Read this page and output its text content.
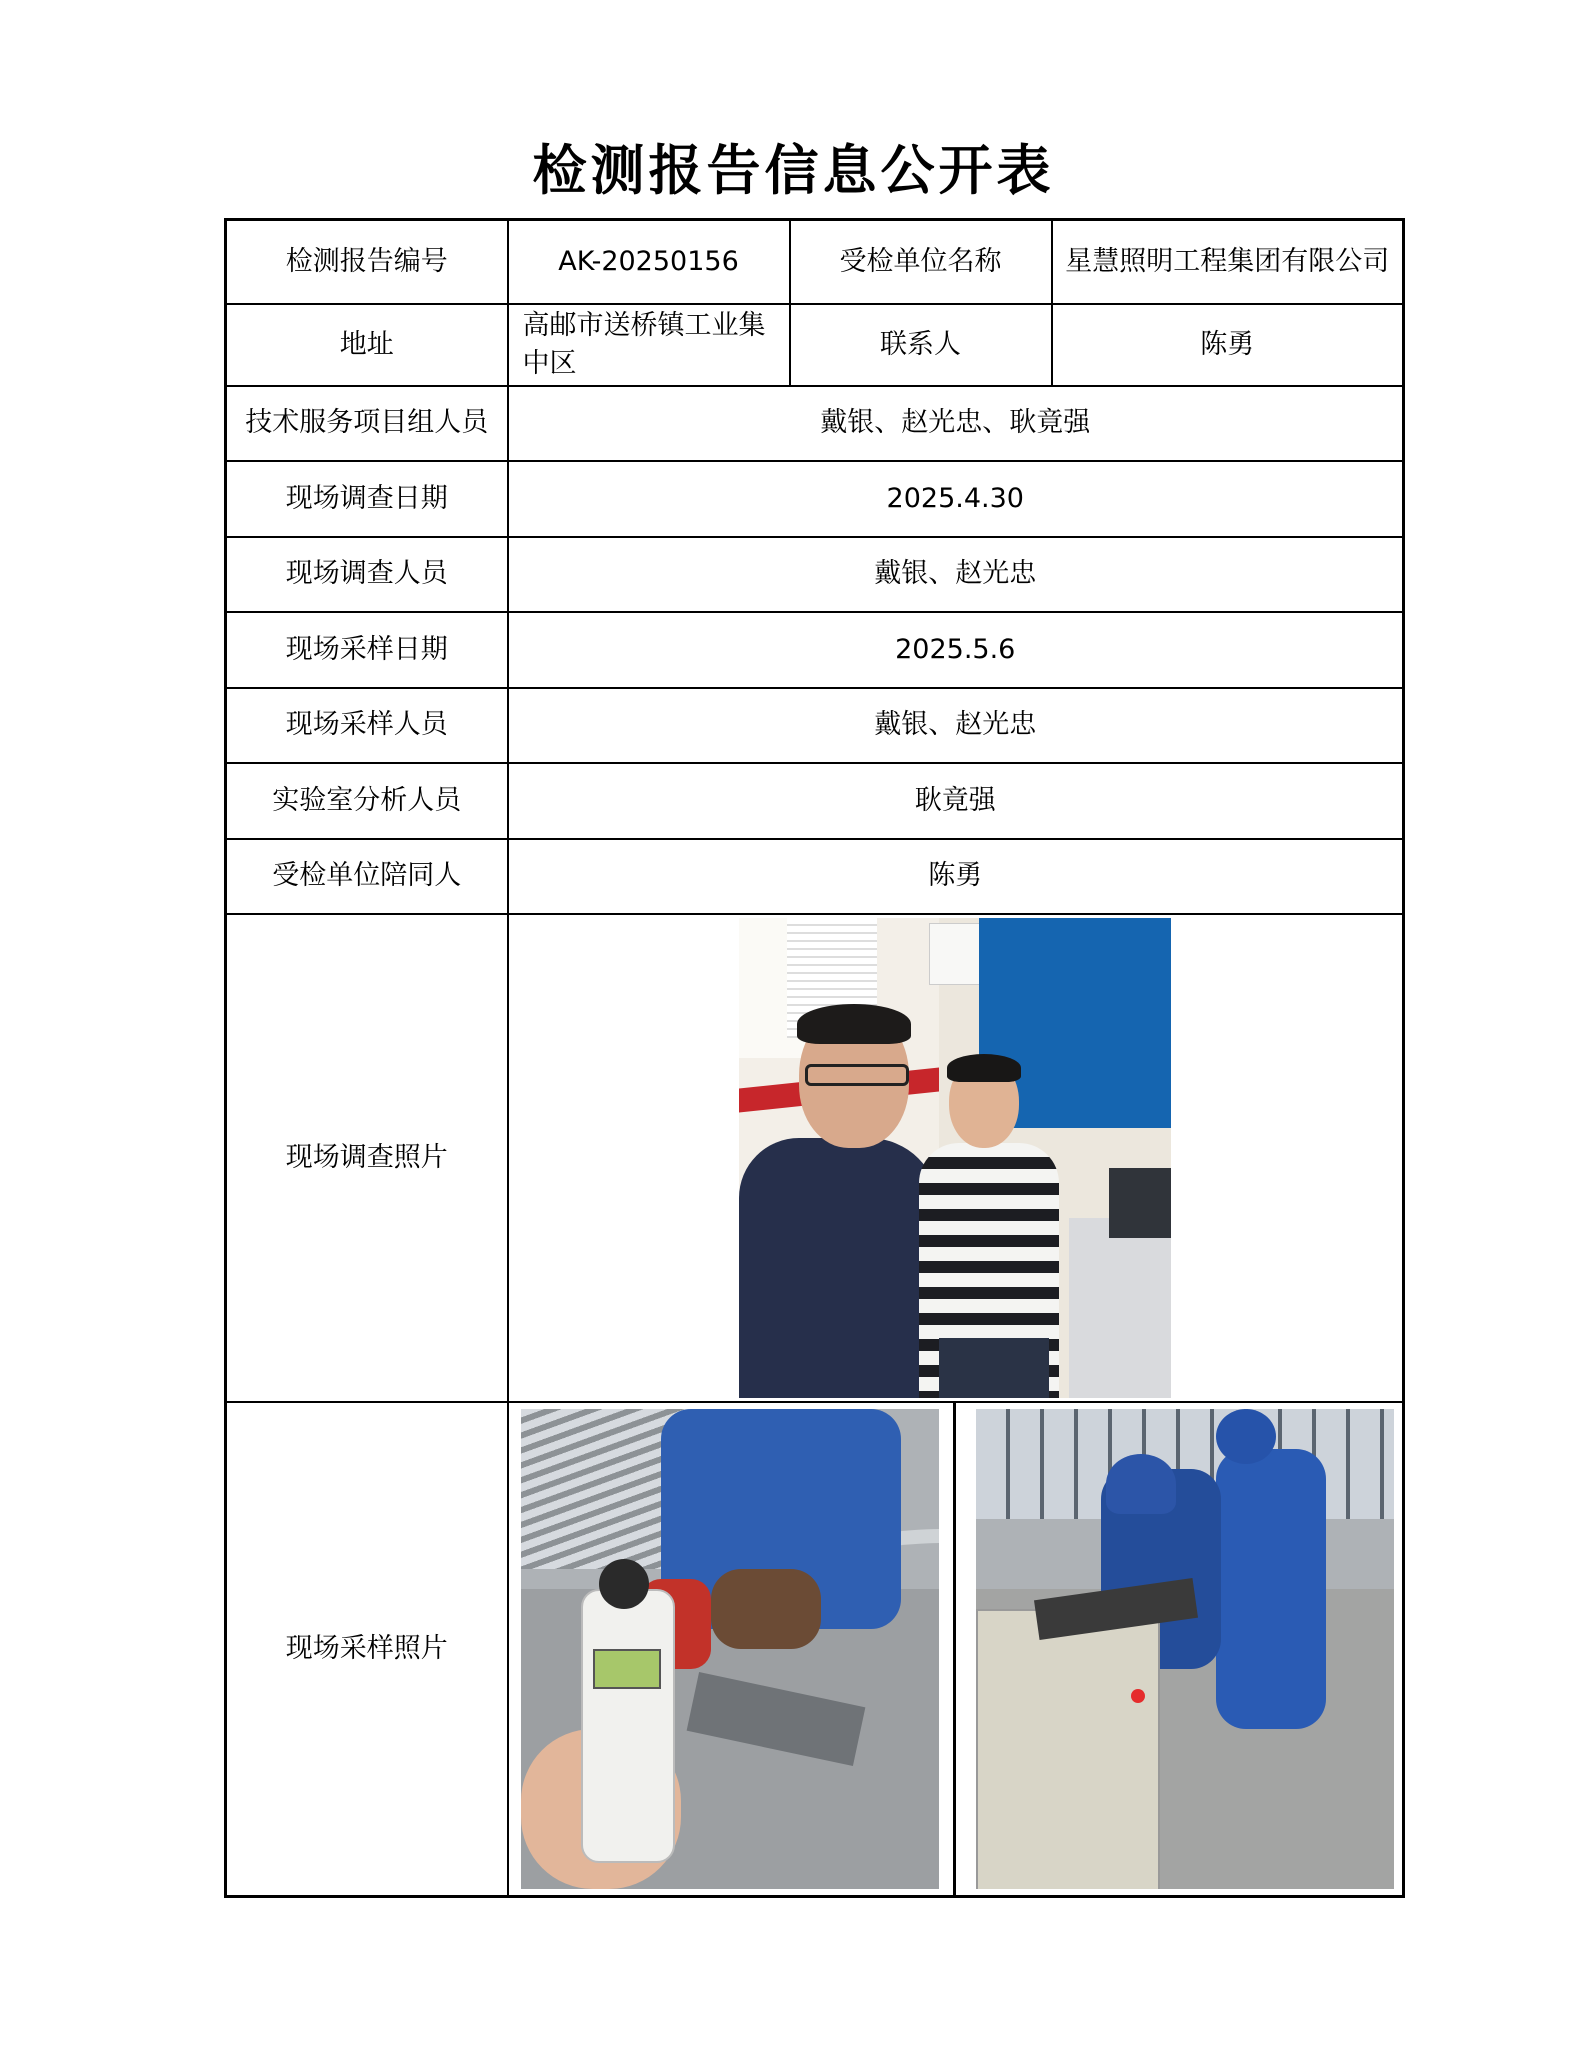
检测报告信息公开表
检测报告编号	AK-20250156	受检单位名称	星慧照明工程集团有限公司
地址	高邮市送桥镇工业集中区	联系人	陈勇
技术服务项目组人员	戴银、赵光忠、耿竟强		
现场调查日期	2025.4.30		
现场调查人员	戴银、赵光忠		
现场采样日期	2025.5.6		
现场采样人员	戴银、赵光忠		
实验室分析人员	耿竟强		
受检单位陪同人	陈勇		
现场调查照片			

现场采样照片			
